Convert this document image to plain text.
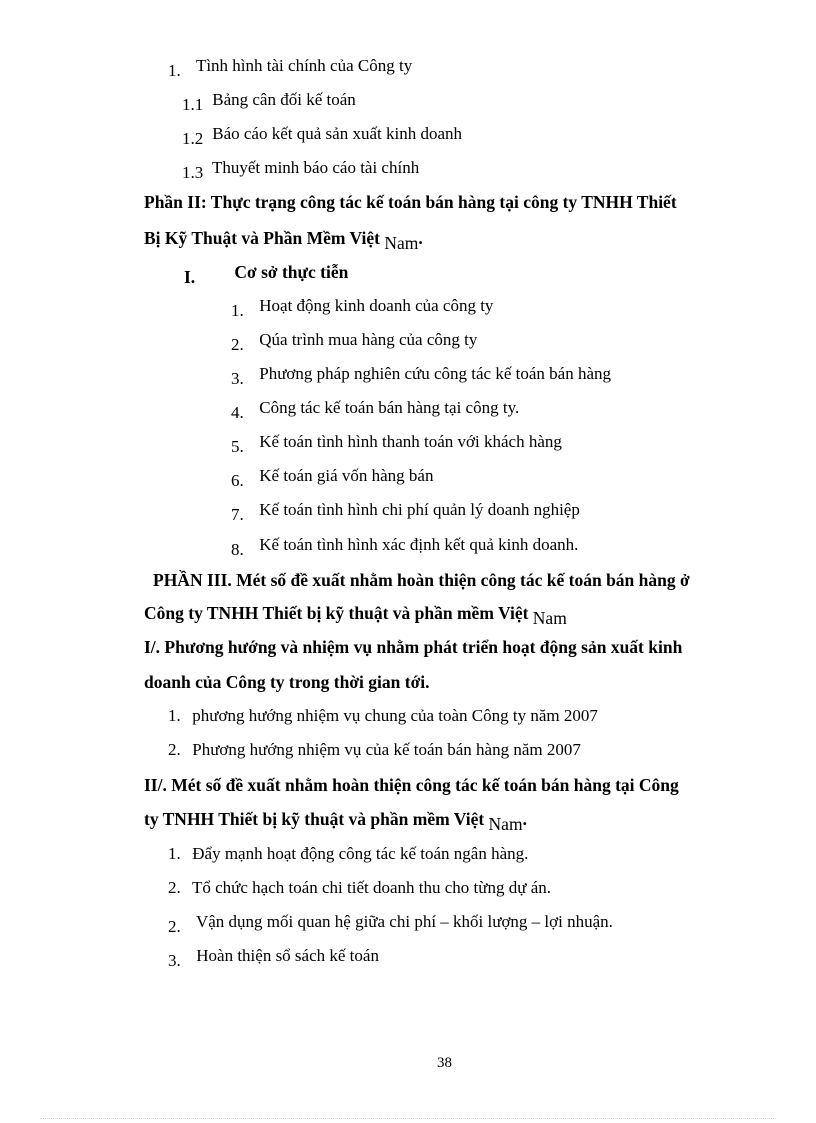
1. Tình hình tài chính của Công ty
1.1 Bảng cân đối kế toán
1.2 Báo cáo kết quả sản xuất kinh doanh
1.3 Thuyết minh báo cáo tài chính
Phần II: Thực trạng công tác kế toán bán hàng tại công ty TNHH Thiết
Bị Kỹ Thuật và Phần Mềm Việt Nam.
I. Cơ sở thực tiễn
1. Hoạt động kinh doanh của công ty
2. Qúa trình mua hàng của công ty
3. Phương pháp nghiên cứu công tác kế toán bán hàng
4. Công tác kế toán bán hàng tại công ty.
5. Kế toán tình hình thanh toán với khách hàng
6. Kế toán giá vốn hàng bán
7. Kế toán tình hình chi phí quản lý doanh nghiệp
8. Kế toán tình hình xác định kết quả kinh doanh.
PHẦN III. Mét số đề xuất nhằm hoàn thiện công tác kế toán bán hàng ở
Công ty TNHH Thiết bị kỹ thuật và phần mềm Việt Nam
I/. Phương hướng và nhiệm vụ nhằm phát triển hoạt động sản xuất kinh
doanh của Công ty trong thời gian tới.
1. phương hướng nhiệm vụ chung của toàn Công ty năm 2007
2. Phương hướng nhiệm vụ của kế toán bán hàng năm 2007
II/. Mét số đề xuất nhằm hoàn thiện công tác kế toán bán hàng tại Công
ty TNHH Thiết bị kỹ thuật và phần mềm Việt Nam.
1. Đẩy mạnh hoạt động công tác kế toán ngân hàng.
2. Tổ chức hạch toán chi tiết doanh thu cho từng dự án.
2. Vận dụng mối quan hệ giữa chi phí – khối lượng – lợi nhuận.
3. Hoàn thiện sổ sách kế toán
38
